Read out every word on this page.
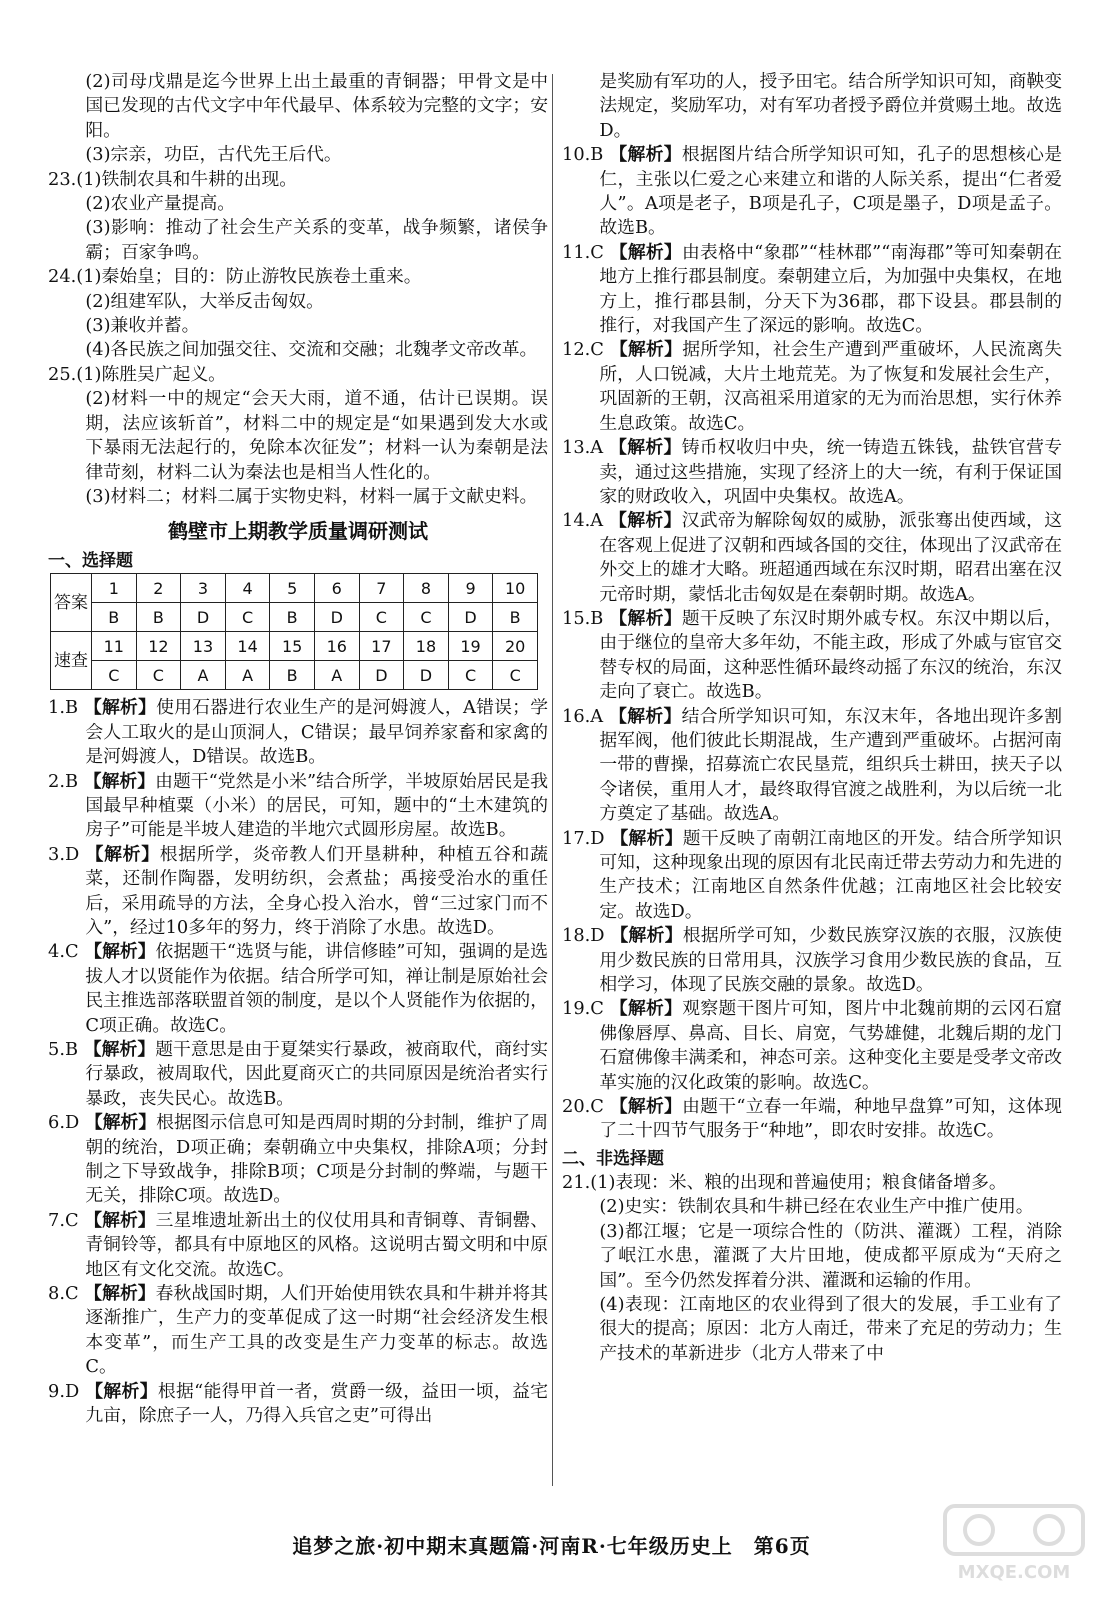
(2)司母戊鼎是迄今世界上出土最重的青铜器；甲骨文是中国已发现的古代文字中年代最早、体系较为完整的文字；安阳。

(3)宗亲，功臣，古代先王后代。

23.(1)铁制农具和牛耕的出现。

(2)农业产量提高。

(3)影响：推动了社会生产关系的变革，战争频繁，诸侯争霸；百家争鸣。

24.(1)秦始皇；目的：防止游牧民族卷土重来。

(2)组建军队，大举反击匈奴。

(3)兼收并蓄。

(4)各民族之间加强交往、交流和交融；北魏孝文帝改革。

25.(1)陈胜吴广起义。

(2)材料一中的规定“会天大雨，道不通，估计已误期。误期，法应该斩首”，材料二中的规定是“如果遇到发大水或下暴雨无法起行的，免除本次征发”；材料一认为秦朝是法律苛刻，材料二认为秦法也是相当人性化的。

(3)材料二；材料二属于实物史料，材料一属于文献史料。

鹤壁市上期教学质量调研测试
一、选择题
答案	1	2	3	4	5	6	7	8	9	10
	B	B	D	C	B	D	C	C	D	B
速查	11	12	13	14	15	16	17	18	19	20
	C	C	A	A	B	A	D	D	C	C

1.B 【解析】使用石器进行农业生产的是河姆渡人，A错误；学会人工取火的是山顶洞人，C错误；最早饲养家畜和家禽的是河姆渡人，D错误。故选B。

2.B 【解析】由题干“党然是小米”结合所学，半坡原始居民是我国最早种植粟（小米）的居民，可知，题中的“土木建筑的房子”可能是半坡人建造的半地穴式圆形房屋。故选B。

3.D 【解析】根据所学，炎帝教人们开垦耕种，种植五谷和蔬菜，还制作陶器，发明纺织，会煮盐；禹接受治水的重任后，采用疏导的方法，全身心投入治水，曾“三过家门而不入”，经过10多年的努力，终于消除了水患。故选D。

4.C 【解析】依据题干“选贤与能，讲信修睦”可知，强调的是选拔人才以贤能作为依据。结合所学可知，禅让制是原始社会民主推选部落联盟首领的制度，是以个人贤能作为依据的，C项正确。故选C。

5.B 【解析】题干意思是由于夏桀实行暴政，被商取代，商纣实行暴政，被周取代，因此夏商灭亡的共同原因是统治者实行暴政，丧失民心。故选B。

6.D 【解析】根据图示信息可知是西周时期的分封制，维护了周朝的统治，D项正确；秦朝确立中央集权，排除A项；分封制之下导致战争，排除B项；C项是分封制的弊端，与题干无关，排除C项。故选D。

7.C 【解析】三星堆遗址新出土的仪仗用具和青铜尊、青铜罍、青铜铃等，都具有中原地区的风格。这说明古蜀文明和中原地区有文化交流。故选C。

8.C 【解析】春秋战国时期，人们开始使用铁农具和牛耕并将其逐渐推广，生产力的变革促成了这一时期“社会经济发生根本变革”，而生产工具的改变是生产力变革的标志。故选C。

9.D 【解析】根据“能得甲首一者，赏爵一级，益田一顷，益宅九亩，除庶子一人，乃得入兵官之吏”可得出

是奖励有军功的人，授予田宅。结合所学知识可知，商鞅变法规定，奖励军功，对有军功者授予爵位并赏赐土地。故选D。

10.B 【解析】根据图片结合所学知识可知，孔子的思想核心是仁，主张以仁爱之心来建立和谐的人际关系，提出“仁者爱人”。A项是老子，B项是孔子，C项是墨子，D项是孟子。故选B。

11.C 【解析】由表格中“象郡”“桂林郡”“南海郡”等可知秦朝在地方上推行郡县制度。秦朝建立后，为加强中央集权，在地方上，推行郡县制，分天下为36郡，郡下设县。郡县制的推行，对我国产生了深远的影响。故选C。

12.C 【解析】据所学知，社会生产遭到严重破坏，人民流离失所，人口锐减，大片土地荒芜。为了恢复和发展社会生产，巩固新的王朝，汉高祖采用道家的无为而治思想，实行休养生息政策。故选C。

13.A 【解析】铸币权收归中央，统一铸造五铢钱，盐铁官营专卖，通过这些措施，实现了经济上的大一统，有利于保证国家的财政收入，巩固中央集权。故选A。

14.A 【解析】汉武帝为解除匈奴的威胁，派张骞出使西域，这在客观上促进了汉朝和西域各国的交往，体现出了汉武帝在外交上的雄才大略。班超通西域在东汉时期，昭君出塞在汉元帝时期，蒙恬北击匈奴是在秦朝时期。故选A。

15.B 【解析】题干反映了东汉时期外戚专权。东汉中期以后，由于继位的皇帝大多年幼，不能主政，形成了外戚与宦官交替专权的局面，这种恶性循环最终动摇了东汉的统治，东汉走向了衰亡。故选B。

16.A 【解析】结合所学知识可知，东汉末年，各地出现许多割据军阀，他们彼此长期混战，生产遭到严重破坏。占据河南一带的曹操，招募流亡农民垦荒，组织兵士耕田，挟天子以令诸侯，重用人才，最终取得官渡之战胜利，为以后统一北方奠定了基础。故选A。

17.D 【解析】题干反映了南朝江南地区的开发。结合所学知识可知，这种现象出现的原因有北民南迁带去劳动力和先进的生产技术；江南地区自然条件优越；江南地区社会比较安定。故选D。

18.D 【解析】根据所学可知，少数民族穿汉族的衣服，汉族使用少数民族的日常用具，汉族学习食用少数民族的食品，互相学习，体现了民族交融的景象。故选D。

19.C 【解析】观察题干图片可知，图片中北魏前期的云冈石窟佛像唇厚、鼻高、目长、肩宽，气势雄健，北魏后期的龙门石窟佛像丰满柔和，神态可亲。这种变化主要是受孝文帝改革实施的汉化政策的影响。故选C。

20.C 【解析】由题干“立春一年端，种地早盘算”可知，这体现了二十四节气服务于“种地”，即农时安排。故选C。

二、非选择题

21.(1)表现：米、粮的出现和普遍使用；粮食储备增多。

(2)史实：铁制农具和牛耕已经在农业生产中推广使用。

(3)都江堰；它是一项综合性的（防洪、灌溉）工程，消除了岷江水患，灌溉了大片田地，使成都平原成为“天府之国”。至今仍然发挥着分洪、灌溉和运输的作用。

(4)表现：江南地区的农业得到了很大的发展，手工业有了很大的提高；原因：北方人南迁，带来了充足的劳动力；生产技术的革新进步（北方人带来了中

追梦之旅·初中期末真题篇·河南R·七年级历史上　第6页
MXQE.COM
